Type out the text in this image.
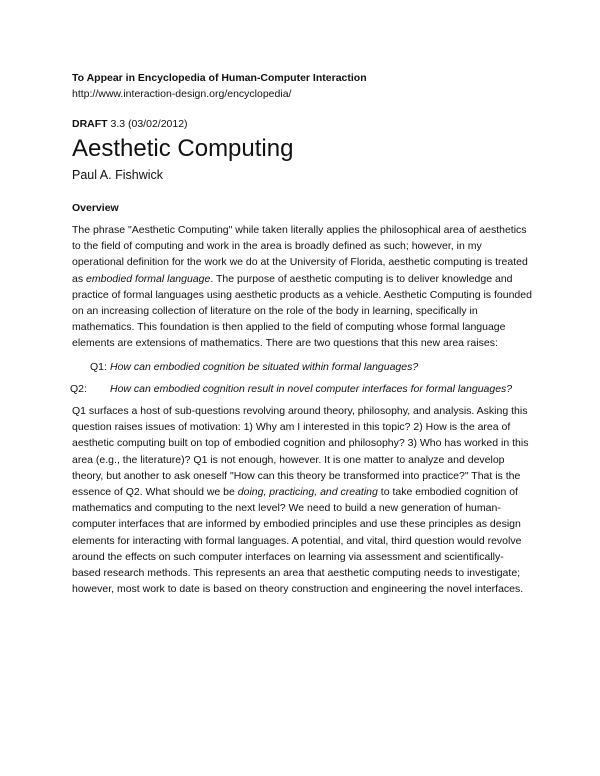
To Appear in Encyclopedia of Human-Computer Interaction

http://www.interaction-design.org/encyclopedia/

DRAFT 3.3 (03/02/2012)

Aesthetic Computing

Paul A. Fishwick

Overview

The phrase "Aesthetic Computing" while taken literally applies the philosophical area of aesthetics to the field of computing and work in the area is broadly defined as such; however, in my operational definition for the work we do at the University of Florida, aesthetic computing is treated as embodied formal language. The purpose of aesthetic computing is to deliver knowledge and practice of formal languages using aesthetic products as a vehicle. Aesthetic Computing is founded on an increasing collection of literature on the role of the body in learning, specifically in mathematics. This foundation is then applied to the field of computing whose formal language elements are extensions of mathematics. There are two questions that this new area raises:

Q1: How can embodied cognition be situated within formal languages?

Q2: How can embodied cognition result in novel computer interfaces for formal languages?

Q1 surfaces a host of sub-questions revolving around theory, philosophy, and analysis. Asking this question raises issues of motivation: 1) Why am I interested in this topic? 2) How is the area of aesthetic computing built on top of embodied cognition and philosophy? 3) Who has worked in this area (e.g., the literature)? Q1 is not enough, however. It is one matter to analyze and develop theory, but another to ask oneself "How can this theory be transformed into practice?" That is the essence of Q2. What should we be doing, practicing, and creating to take embodied cognition of mathematics and computing to the next level? We need to build a new generation of human-computer interfaces that are informed by embodied principles and use these principles as design elements for interacting with formal languages. A potential, and vital, third question would revolve around the effects on such computer interfaces on learning via assessment and scientifically-based research methods. This represents an area that aesthetic computing needs to investigate; however, most work to date is based on theory construction and engineering the novel interfaces.
